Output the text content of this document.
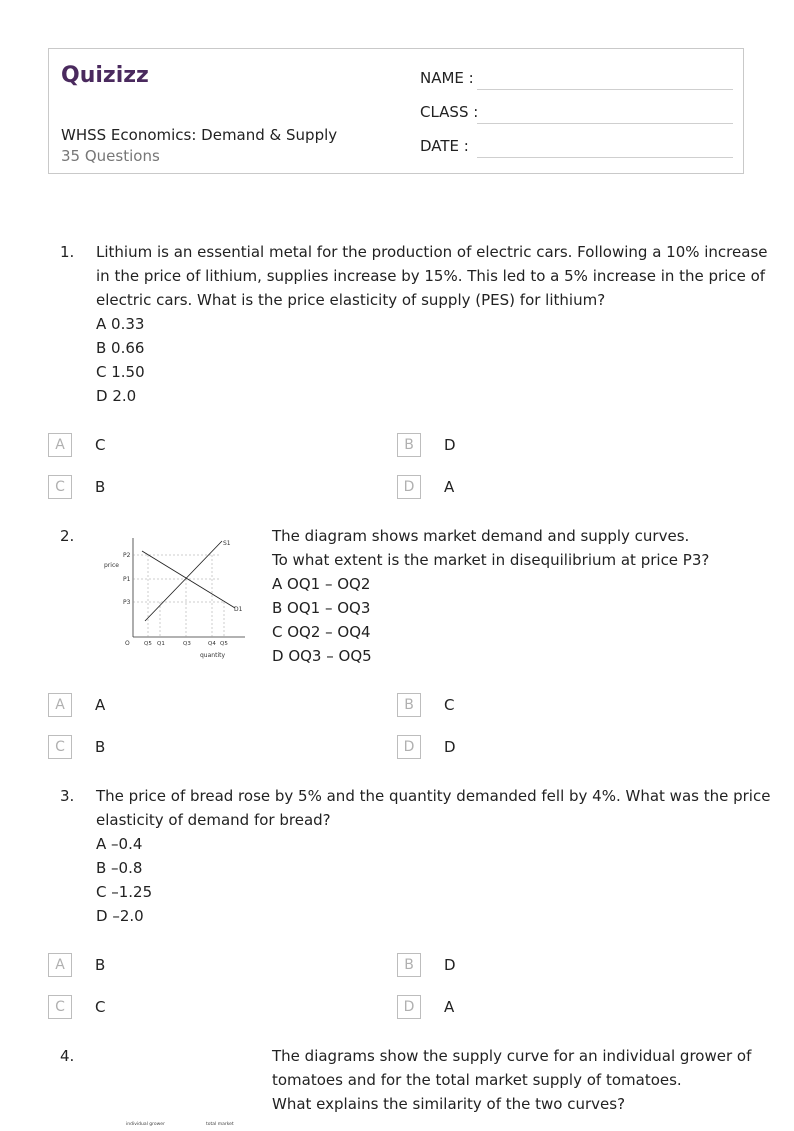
Quizizz
WHSS Economics: Demand & Supply
35 Questions
NAME :
CLASS :
DATE :
1. Lithium is an essential metal for the production of electric cars. Following a 10% increase
in the price of lithium, supplies increase by 15%. This led to a 5% increase in the price of
electric cars. What is the price elasticity of supply (PES) for lithium?
A 0.33
B 0.66
C 1.50
D 2.0
A	C	B	D
C	B	D	A
2.	The diagram shows market demand and supply curves.
To what extent is the market in disequilibrium at price P3?
A OQ1 – OQ2
B OQ1 – OQ3
C OQ2 – OQ4
D OQ3 – OQ5
price
quantity
O
P2
P1
P3
Q5 Q1	Q3	Q4 Q5
S1
D1
A	A	B	C
C	B	D	D
3. The price of bread rose by 5% and the quantity demanded fell by 4%. What was the price
elasticity of demand for bread?
A –0.4
B –0.8
C –1.25
D –2.0
A	B	B	D
C	C	D	A
4.	The diagrams show the supply curve for an individual grower of
tomatoes and for the total market supply of tomatoes.
What explains the similarity of the two curves?
individual grower	total market
